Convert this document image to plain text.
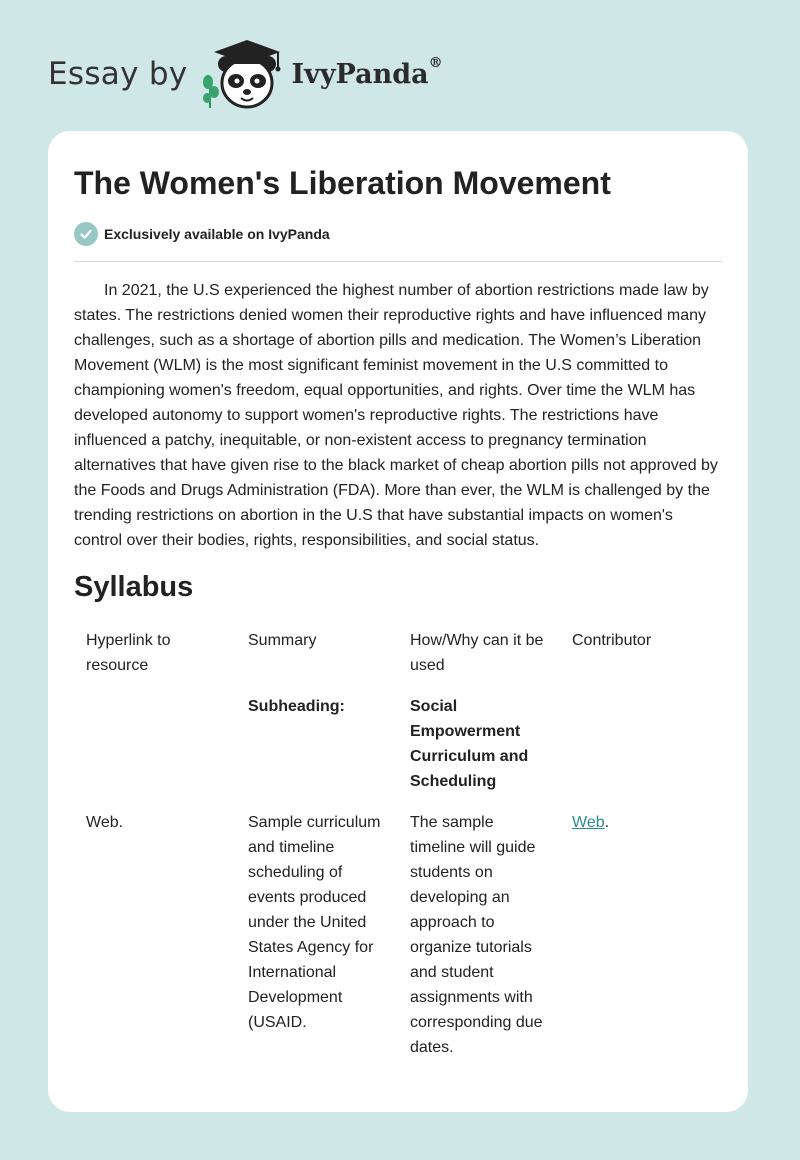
Essay by	IvyPanda®
The Women's Liberation Movement
Exclusively available on IvyPanda

In 2021, the U.S experienced the highest number of abortion restrictions made law by states. The restrictions denied women their reproductive rights and have influenced many challenges, such as a shortage of abortion pills and medication. The Women’s Liberation Movement (WLM) is the most significant feminist movement in the U.S committed to championing women's freedom, equal opportunities, and rights. Over time the WLM has developed autonomy to support women's reproductive rights. The restrictions have influenced a patchy, inequitable, or non-existent access to pregnancy termination alternatives that have given rise to the black market of cheap abortion pills not approved by the Foods and Drugs Administration (FDA). More than ever, the WLM is challenged by the trending restrictions on abortion in the U.S that have substantial impacts on women's control over their bodies, rights, responsibilities, and social status.

Syllabus
Hyperlink to resource	Summary	How/Why can it be used	Contributor
	Subheading:	Social Empowerment Curriculum and Scheduling	
Web.	Sample curriculum and timeline scheduling of events produced under the United States Agency for International Development (USAID.	The sample timeline will guide students on developing an approach to organize tutorials and student assignments with corresponding due dates.	Web.
